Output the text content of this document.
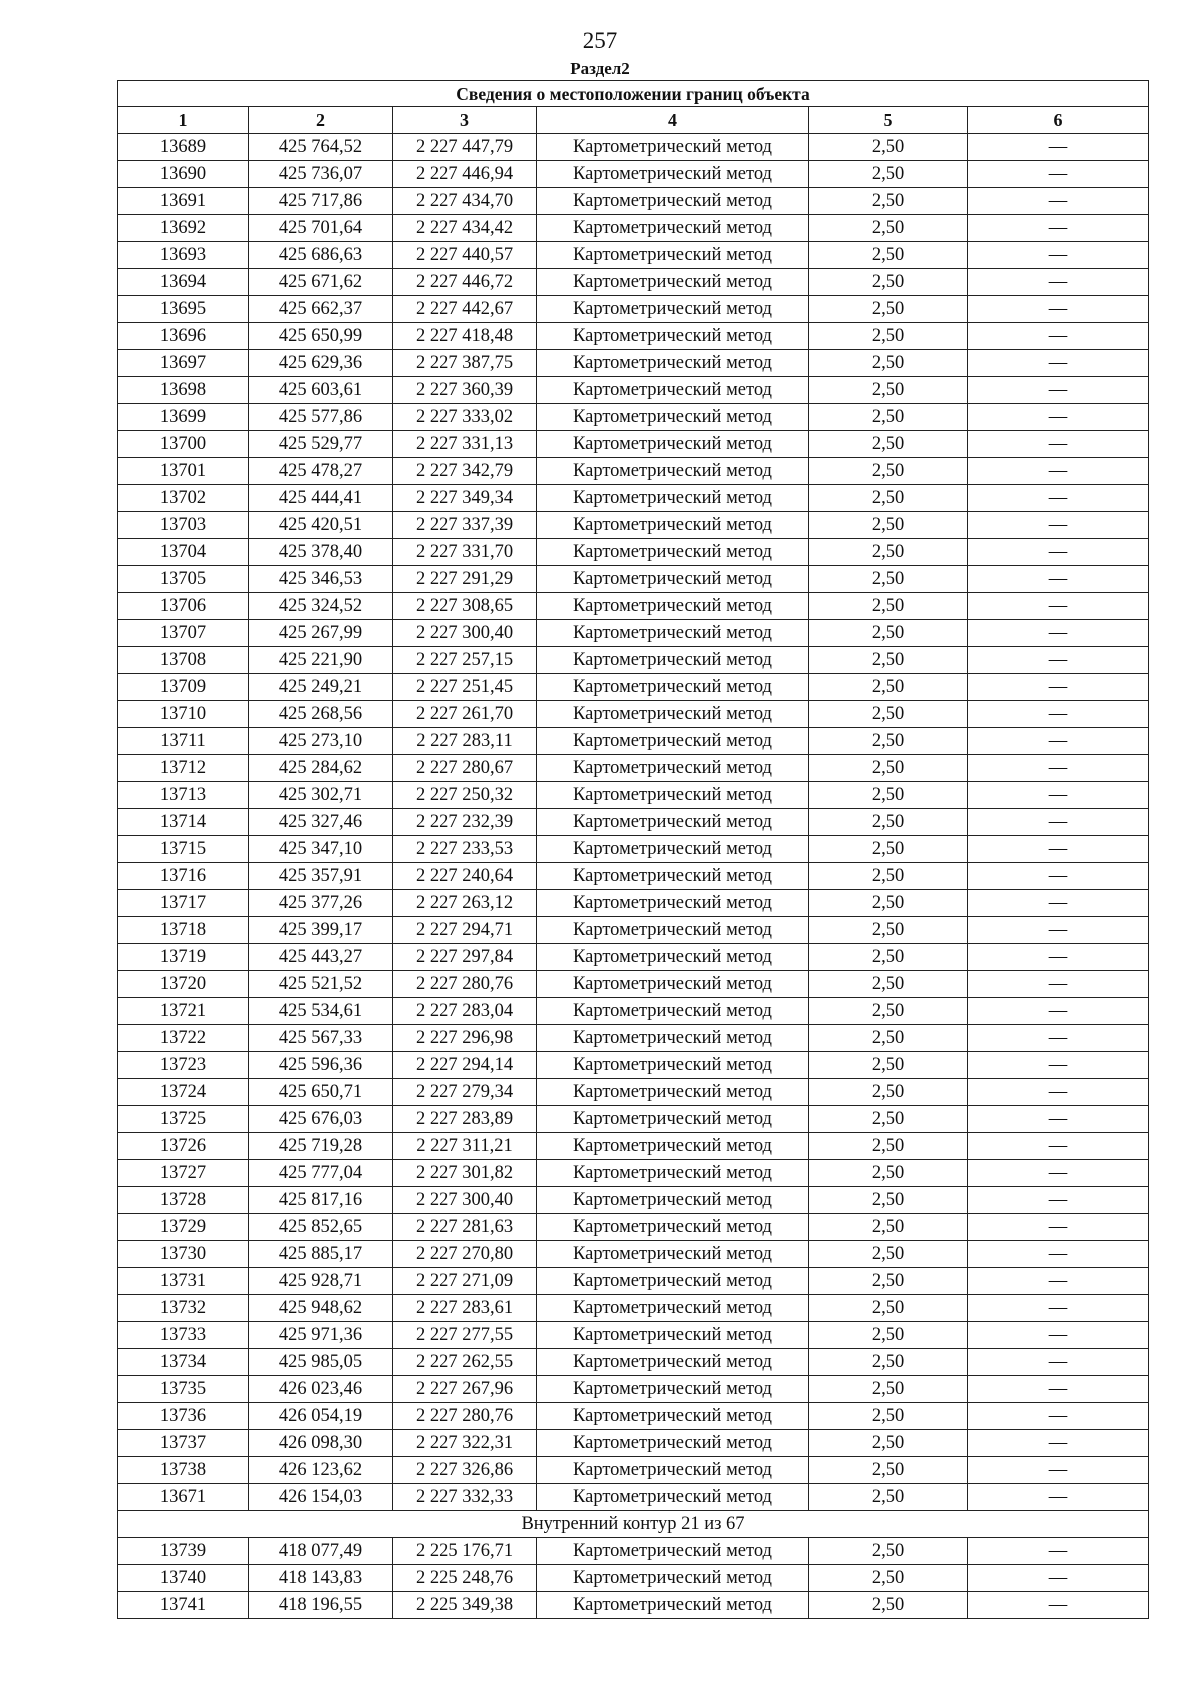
257
Раздел2
Сведения о местоположении границ объекта					
1	2	3	4	5	6
13689	425 764,52	2 227 447,79	Картометрический метод	2,50	—
13690	425 736,07	2 227 446,94	Картометрический метод	2,50	—
13691	425 717,86	2 227 434,70	Картометрический метод	2,50	—
13692	425 701,64	2 227 434,42	Картометрический метод	2,50	—
13693	425 686,63	2 227 440,57	Картометрический метод	2,50	—
13694	425 671,62	2 227 446,72	Картометрический метод	2,50	—
13695	425 662,37	2 227 442,67	Картометрический метод	2,50	—
13696	425 650,99	2 227 418,48	Картометрический метод	2,50	—
13697	425 629,36	2 227 387,75	Картометрический метод	2,50	—
13698	425 603,61	2 227 360,39	Картометрический метод	2,50	—
13699	425 577,86	2 227 333,02	Картометрический метод	2,50	—
13700	425 529,77	2 227 331,13	Картометрический метод	2,50	—
13701	425 478,27	2 227 342,79	Картометрический метод	2,50	—
13702	425 444,41	2 227 349,34	Картометрический метод	2,50	—
13703	425 420,51	2 227 337,39	Картометрический метод	2,50	—
13704	425 378,40	2 227 331,70	Картометрический метод	2,50	—
13705	425 346,53	2 227 291,29	Картометрический метод	2,50	—
13706	425 324,52	2 227 308,65	Картометрический метод	2,50	—
13707	425 267,99	2 227 300,40	Картометрический метод	2,50	—
13708	425 221,90	2 227 257,15	Картометрический метод	2,50	—
13709	425 249,21	2 227 251,45	Картометрический метод	2,50	—
13710	425 268,56	2 227 261,70	Картометрический метод	2,50	—
13711	425 273,10	2 227 283,11	Картометрический метод	2,50	—
13712	425 284,62	2 227 280,67	Картометрический метод	2,50	—
13713	425 302,71	2 227 250,32	Картометрический метод	2,50	—
13714	425 327,46	2 227 232,39	Картометрический метод	2,50	—
13715	425 347,10	2 227 233,53	Картометрический метод	2,50	—
13716	425 357,91	2 227 240,64	Картометрический метод	2,50	—
13717	425 377,26	2 227 263,12	Картометрический метод	2,50	—
13718	425 399,17	2 227 294,71	Картометрический метод	2,50	—
13719	425 443,27	2 227 297,84	Картометрический метод	2,50	—
13720	425 521,52	2 227 280,76	Картометрический метод	2,50	—
13721	425 534,61	2 227 283,04	Картометрический метод	2,50	—
13722	425 567,33	2 227 296,98	Картометрический метод	2,50	—
13723	425 596,36	2 227 294,14	Картометрический метод	2,50	—
13724	425 650,71	2 227 279,34	Картометрический метод	2,50	—
13725	425 676,03	2 227 283,89	Картометрический метод	2,50	—
13726	425 719,28	2 227 311,21	Картометрический метод	2,50	—
13727	425 777,04	2 227 301,82	Картометрический метод	2,50	—
13728	425 817,16	2 227 300,40	Картометрический метод	2,50	—
13729	425 852,65	2 227 281,63	Картометрический метод	2,50	—
13730	425 885,17	2 227 270,80	Картометрический метод	2,50	—
13731	425 928,71	2 227 271,09	Картометрический метод	2,50	—
13732	425 948,62	2 227 283,61	Картометрический метод	2,50	—
13733	425 971,36	2 227 277,55	Картометрический метод	2,50	—
13734	425 985,05	2 227 262,55	Картометрический метод	2,50	—
13735	426 023,46	2 227 267,96	Картометрический метод	2,50	—
13736	426 054,19	2 227 280,76	Картометрический метод	2,50	—
13737	426 098,30	2 227 322,31	Картометрический метод	2,50	—
13738	426 123,62	2 227 326,86	Картометрический метод	2,50	—
13671	426 154,03	2 227 332,33	Картометрический метод	2,50	—
Внутренний контур 21 из 67					
13739	418 077,49	2 225 176,71	Картометрический метод	2,50	—
13740	418 143,83	2 225 248,76	Картометрический метод	2,50	—
13741	418 196,55	2 225 349,38	Картометрический метод	2,50	—
